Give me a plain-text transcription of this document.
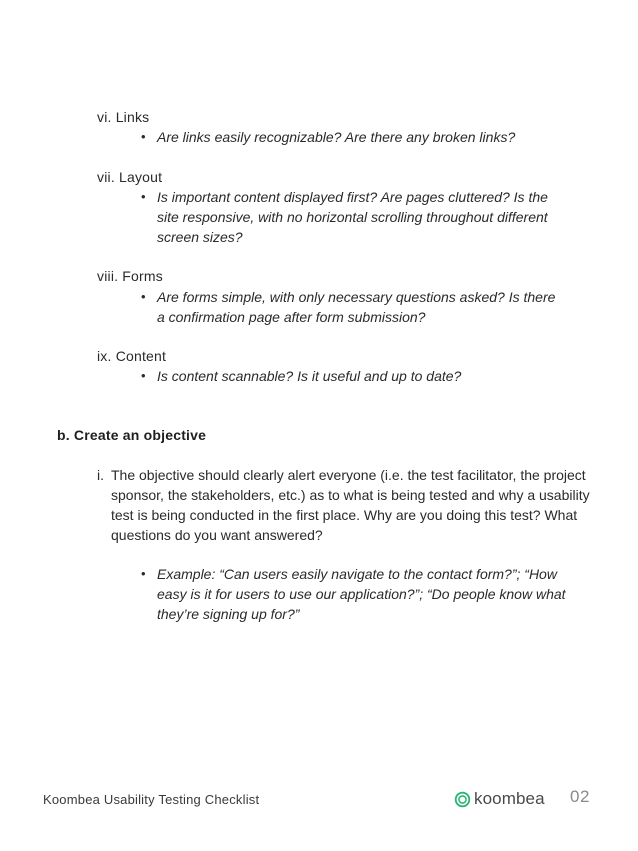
vi. Links
• Are links easily recognizable? Are there any broken links?
vii. Layout
• Is important content displayed first? Are pages cluttered? Is the site responsive, with no horizontal scrolling throughout different screen sizes?
viii. Forms
• Are forms simple, with only necessary questions asked? Is there a confirmation page after form submission?
ix. Content
• Is content scannable? Is it useful and up to date?
b. Create an objective
i. The objective should clearly alert everyone (i.e. the test facilitator, the project sponsor, the stakeholders, etc.) as to what is being tested and why a usability test is being conducted in the first place. Why are you doing this test? What questions do you want answered?
• Example: “Can users easily navigate to the contact form?”; “How easy is it for users to use our application?”; “Do people know what they’re signing up for?”
Koombea Usability Testing Checklist	koombea 02
